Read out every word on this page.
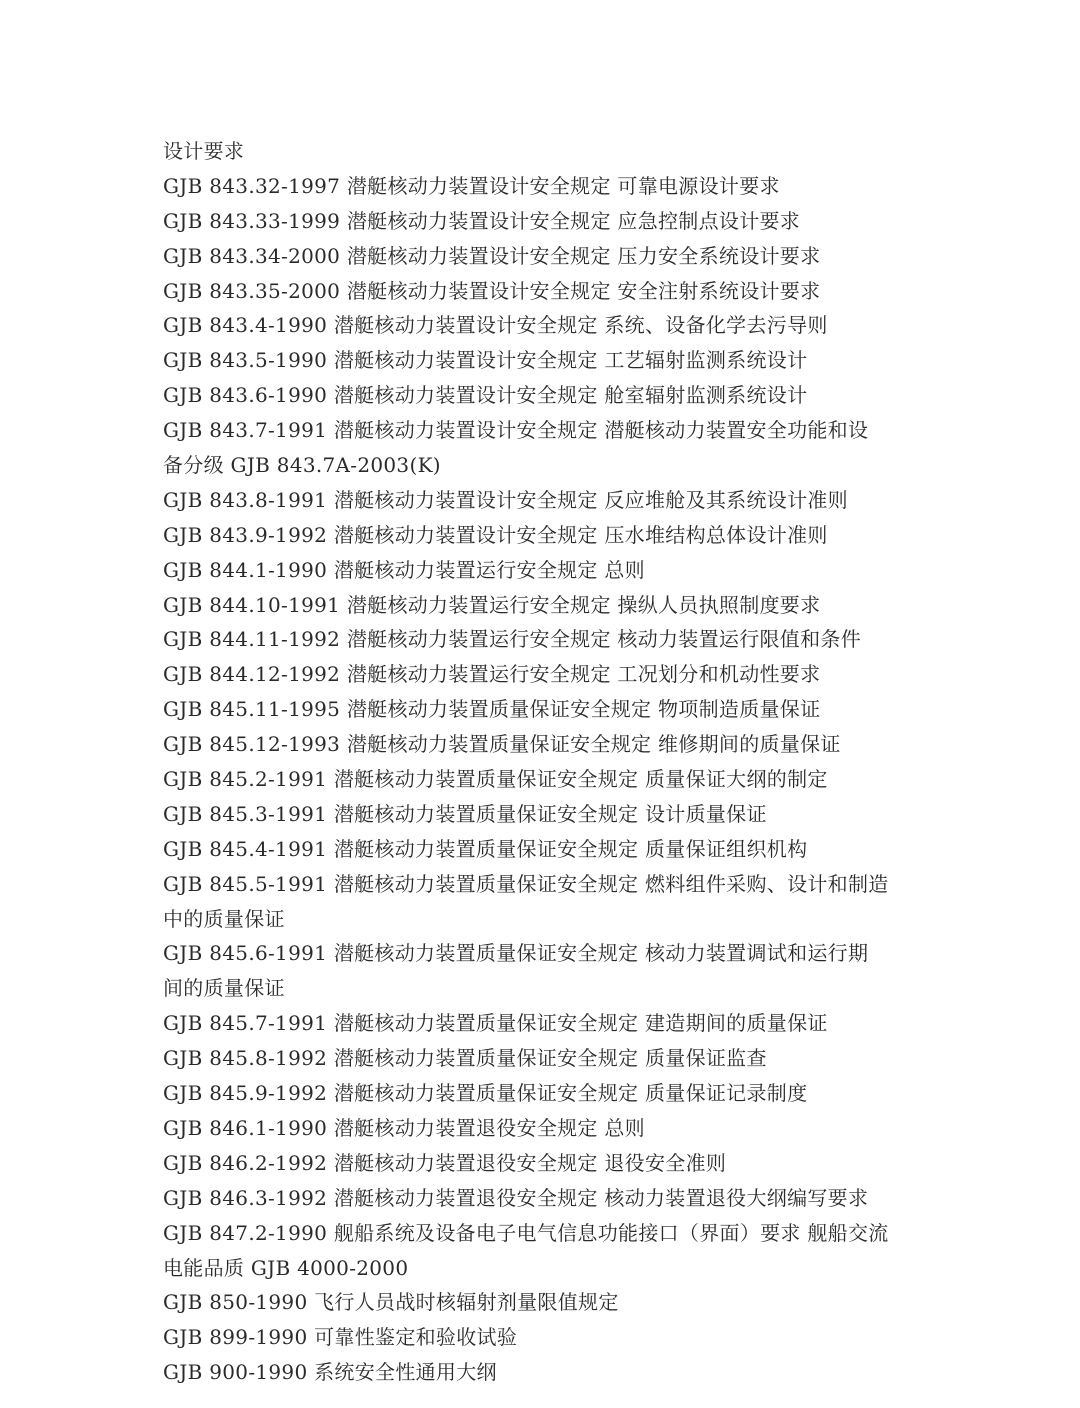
设计要求
GJB 843.32-1997 潜艇核动力装置设计安全规定 可靠电源设计要求
GJB 843.33-1999 潜艇核动力装置设计安全规定 应急控制点设计要求
GJB 843.34-2000 潜艇核动力装置设计安全规定 压力安全系统设计要求
GJB 843.35-2000 潜艇核动力装置设计安全规定 安全注射系统设计要求
GJB 843.4-1990 潜艇核动力装置设计安全规定 系统、设备化学去污导则
GJB 843.5-1990 潜艇核动力装置设计安全规定 工艺辐射监测系统设计
GJB 843.6-1990 潜艇核动力装置设计安全规定 舱室辐射监测系统设计
GJB 843.7-1991 潜艇核动力装置设计安全规定 潜艇核动力装置安全功能和设
备分级 GJB 843.7A-2003(K)
GJB 843.8-1991 潜艇核动力装置设计安全规定 反应堆舱及其系统设计准则
GJB 843.9-1992 潜艇核动力装置设计安全规定 压水堆结构总体设计准则
GJB 844.1-1990 潜艇核动力装置运行安全规定 总则
GJB 844.10-1991 潜艇核动力装置运行安全规定 操纵人员执照制度要求
GJB 844.11-1992 潜艇核动力装置运行安全规定 核动力装置运行限值和条件
GJB 844.12-1992 潜艇核动力装置运行安全规定 工况划分和机动性要求
GJB 845.11-1995 潜艇核动力装置质量保证安全规定 物项制造质量保证
GJB 845.12-1993 潜艇核动力装置质量保证安全规定 维修期间的质量保证
GJB 845.2-1991 潜艇核动力装置质量保证安全规定 质量保证大纲的制定
GJB 845.3-1991 潜艇核动力装置质量保证安全规定 设计质量保证
GJB 845.4-1991 潜艇核动力装置质量保证安全规定 质量保证组织机构
GJB 845.5-1991 潜艇核动力装置质量保证安全规定 燃料组件采购、设计和制造
中的质量保证
GJB 845.6-1991 潜艇核动力装置质量保证安全规定 核动力装置调试和运行期
间的质量保证
GJB 845.7-1991 潜艇核动力装置质量保证安全规定 建造期间的质量保证
GJB 845.8-1992 潜艇核动力装置质量保证安全规定 质量保证监查
GJB 845.9-1992 潜艇核动力装置质量保证安全规定 质量保证记录制度
GJB 846.1-1990 潜艇核动力装置退役安全规定 总则
GJB 846.2-1992 潜艇核动力装置退役安全规定 退役安全准则
GJB 846.3-1992 潜艇核动力装置退役安全规定 核动力装置退役大纲编写要求
GJB 847.2-1990 舰船系统及设备电子电气信息功能接口（界面）要求 舰船交流
电能品质 GJB 4000-2000
GJB 850-1990 飞行人员战时核辐射剂量限值规定
GJB 899-1990 可靠性鉴定和验收试验
GJB 900-1990 系统安全性通用大纲
